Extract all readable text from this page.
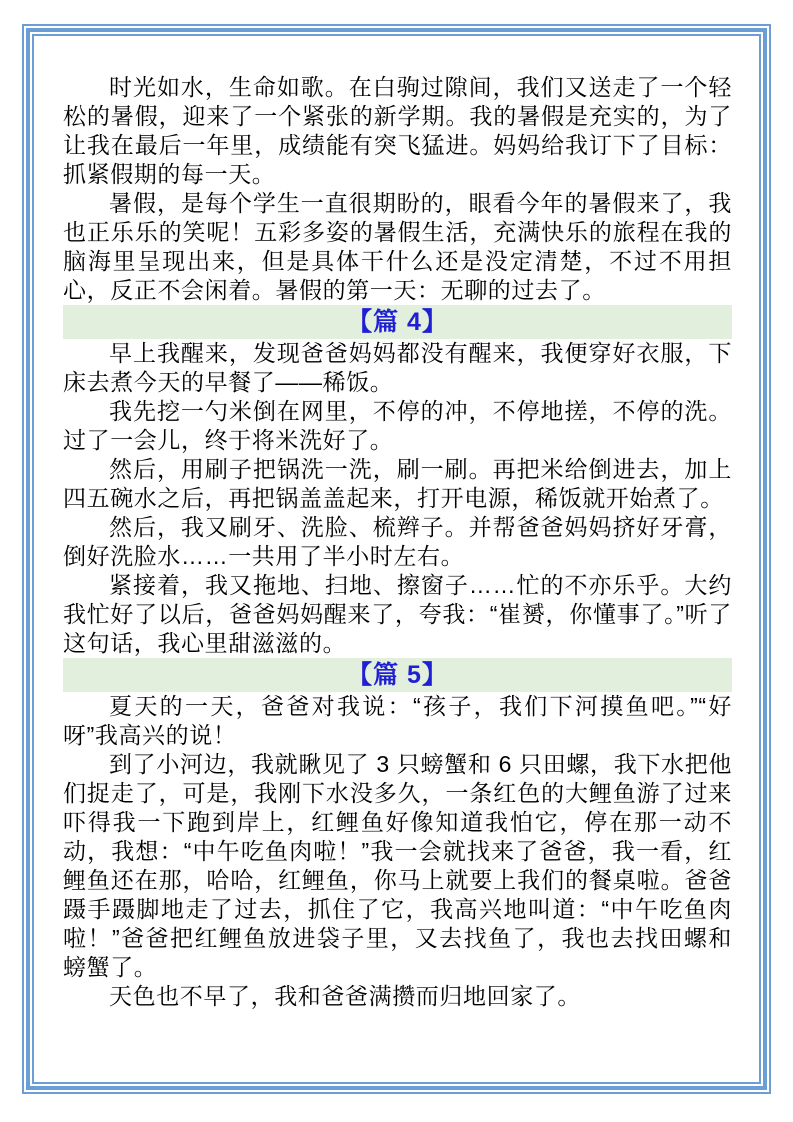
时光如水，生命如歌。在白驹过隙间，我们又送走了一个轻松的暑假，迎来了一个紧张的新学期。我的暑假是充实的，为了让我在最后一年里，成绩能有突飞猛进。妈妈给我订下了目标：抓紧假期的每一天。

暑假，是每个学生一直很期盼的，眼看今年的暑假来了，我也正乐乐的笑呢！五彩多姿的暑假生活，充满快乐的旅程在我的脑海里呈现出来，但是具体干什么还是没定清楚，不过不用担心，反正不会闲着。暑假的第一天：无聊的过去了。

【篇 4】

早上我醒来，发现爸爸妈妈都没有醒来，我便穿好衣服，下床去煮今天的早餐了——稀饭。

我先挖一勺米倒在网里，不停的冲，不停地搓，不停的洗。过了一会儿，终于将米洗好了。

然后，用刷子把锅洗一洗，刷一刷。再把米给倒进去，加上四五碗水之后，再把锅盖盖起来，打开电源，稀饭就开始煮了。

然后，我又刷牙、洗脸、梳辫子。并帮爸爸妈妈挤好牙膏，倒好洗脸水……一共用了半小时左右。

紧接着，我又拖地、扫地、擦窗子……忙的不亦乐乎。大约我忙好了以后，爸爸妈妈醒来了，夸我：“崔赟，你懂事了。”听了这句话，我心里甜滋滋的。

【篇 5】

夏天的一天，爸爸对我说：“孩子，我们下河摸鱼吧。”“好呀”我高兴的说！

到了小河边，我就瞅见了 3 只螃蟹和 6 只田螺，我下水把他们捉走了，可是，我刚下水没多久，一条红色的大鲤鱼游了过来吓得我一下跑到岸上，红鲤鱼好像知道我怕它，停在那一动不动，我想：“中午吃鱼肉啦！”我一会就找来了爸爸，我一看，红鲤鱼还在那，哈哈，红鲤鱼，你马上就要上我们的餐桌啦。爸爸蹑手蹑脚地走了过去，抓住了它，我高兴地叫道：“中午吃鱼肉啦！”爸爸把红鲤鱼放进袋子里，又去找鱼了，我也去找田螺和螃蟹了。

天色也不早了，我和爸爸满攒而归地回家了。
